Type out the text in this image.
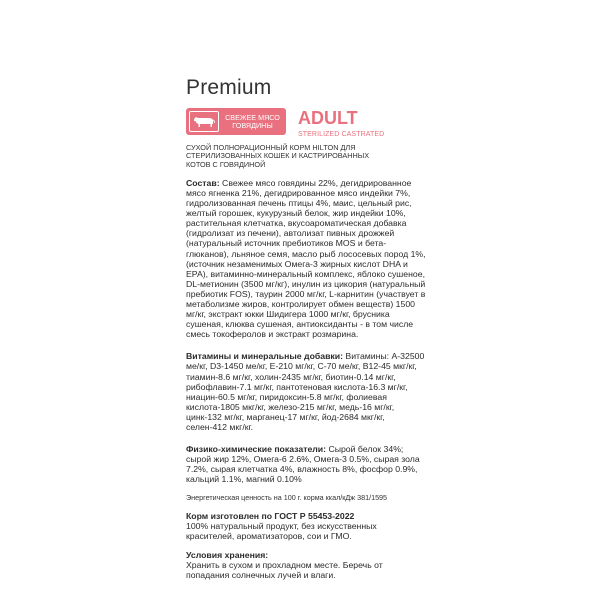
Premium
СВЕЖЕЕ МЯСО
ГОВЯДИНЫ	ADULT
STERILIZED CASTRATED
СУХОЙ ПОЛНОРАЦИОННЫЙ КОРМ HILTON ДЛЯ СТЕРИЛИЗОВАННЫХ КОШЕК И КАСТРИРОВАННЫХ КОТОВ С ГОВЯДИНОЙ
Состав: Свежее мясо говядины 22%, дегидрированное мясо ягненка 21%, дегидрированное мясо индейки 7%, гидролизованная печень птицы 4%, маис, цельный рис, желтый горошек, кукурузный белок, жир индейки 10%, растительная клетчатка, вкусоароматическая добавка (гидролизат из печени), автолизат пивных дрожжей (натуральный источник пребиотиков MOS и бета-глюканов), льняное семя, масло рыб лососевых пород 1%, (источник незаменимых Омега-3 жирных кислот DHA и EPA), витаминно-минеральный комплекс, яблоко сушеное, DL-метионин (3500 мг/кг), инулин из цикория (натуральный пребиотик FOS), таурин 2000 мг/кг, L-карнитин (участвует в метаболизме жиров, контролирует обмен веществ) 1500 мг/кг, экстракт юкки Шидигера 1000 мг/кг, брусника сушеная, клюква сушеная, антиоксиданты - в том числе смесь токоферолов и экстракт розмарина.
Витамины и минеральные добавки: Витамины: А-32500 ме/кг, D3-1450 ме/кг, Е-210 мг/кг, С-70 ме/кг, В12-45 мкг/кг, тиамин-8.6 мг/кг, холин-2435 мг/кг, биотин-0.14 мг/кг, рибофлавин-7.1 мг/кг, пантотеновая кислота-16.3 мг/кг, ниацин-60.5 мг/кг, пиридоксин-5.8 мг/кг, фолиевая кислота-1805 мкг/кг, железо-215 мг/кг, медь-16 мг/кг, цинк-132 мг/кг, марганец-17 мг/кг, йод-2684 мкг/кг, селен-412 мкг/кг.
Физико-химические показатели: Сырой белок 34%; сырой жир 12%, Омега-6 2.6%, Омега-3 0.5%, сырая зола 7.2%, сырая клетчатка 4%, влажность 8%, фосфор 0.9%, кальций 1.1%, магний 0.10%
Энергетическая ценность на 100 г. корма ккал/кДж 381/1595
Корм изготовлен по ГОСТ Р 55453-2022
100% натуральный продукт, без искусственных красителей, ароматизаторов, сои и ГМО.
Условия хранения:
Хранить в сухом и прохладном месте. Беречь от попадания солнечных лучей и влаги.
